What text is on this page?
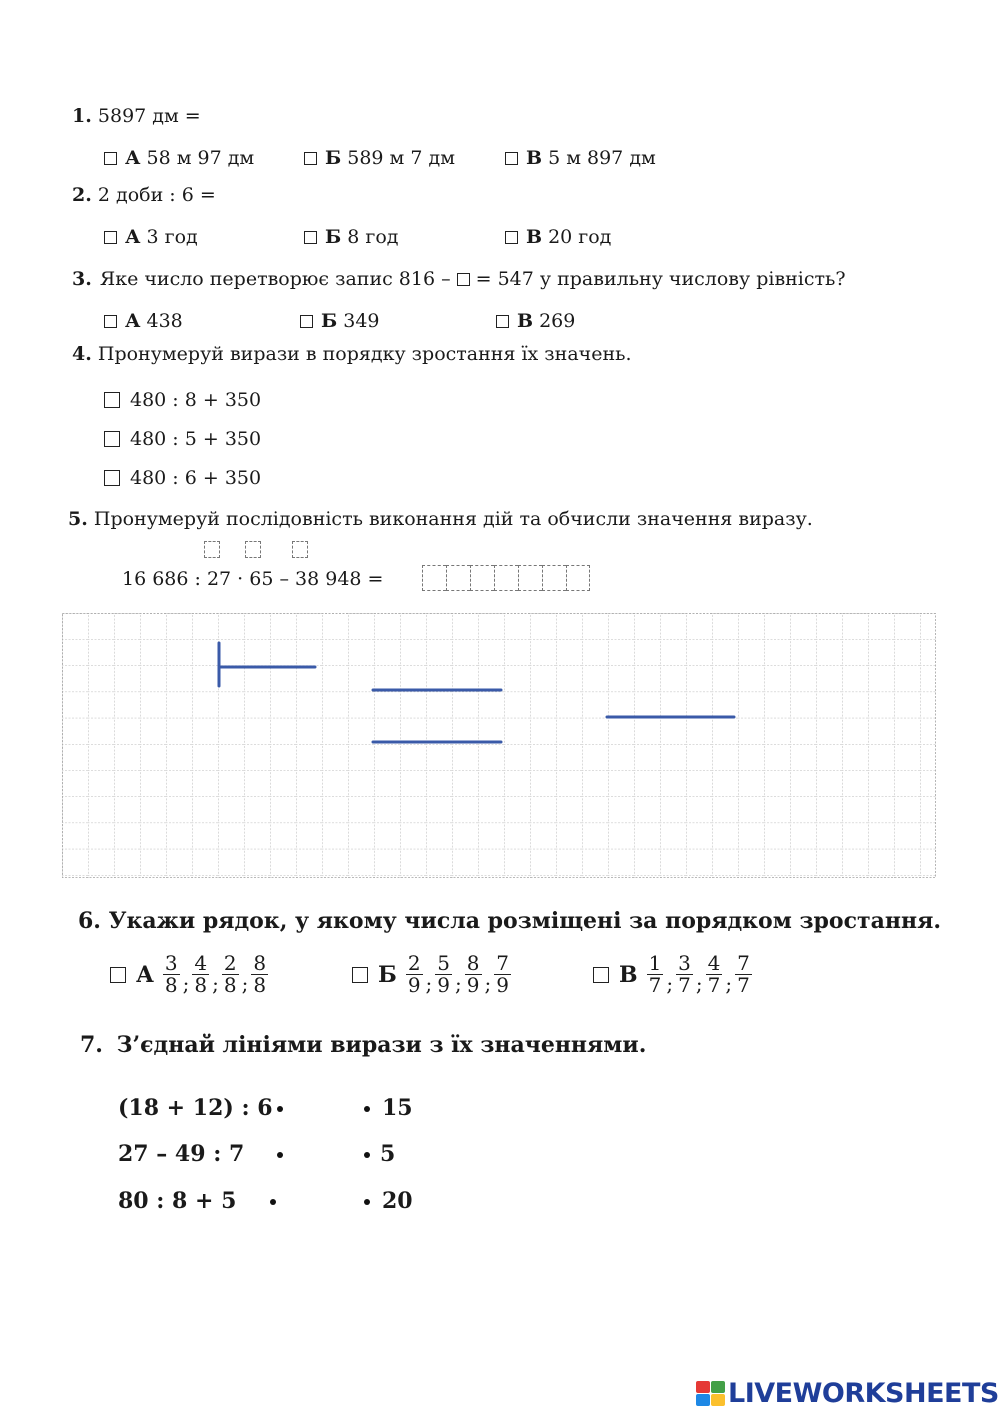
1. 5897 дм =
А 58 м 97 дм	Б 589 м 7 дм	В 5 м 897 дм
2. 2 доби : 6 =
А 3 год	Б 8 год	В 20 год
3. Яке число перетворює запис 816 – = 547 у правильну числову рівність?
А 438	Б 349	В 269
4. Пронумеруй вирази в порядку зростання їх значень.
480 : 8 + 350
480 : 5 + 350
480 : 6 + 350
5. Пронумеруй послідовність виконання дій та обчисли значення виразу.
16 686 : 27 · 65 – 38 948 =
6. Укажи рядок, у якому числа розміщені за порядком зростання.
А $\frac{3}{8}$ ; $\frac{4}{8}$ ; $\frac{2}{8}$ ; $\frac{8}{8}$	Б $\frac{2}{9}$ ; $\frac{5}{9}$ ; $\frac{8}{9}$ ; $\frac{7}{9}$	В $\frac{1}{7}$ ; $\frac{3}{7}$ ; $\frac{4}{7}$ ; $\frac{7}{7}$
7. З’єднай лініями вирази з їх значеннями.
(18 + 12) : 6	15
27 – 49 : 7	5
80 : 8 + 5	20
LIVEWORKSHEETS
